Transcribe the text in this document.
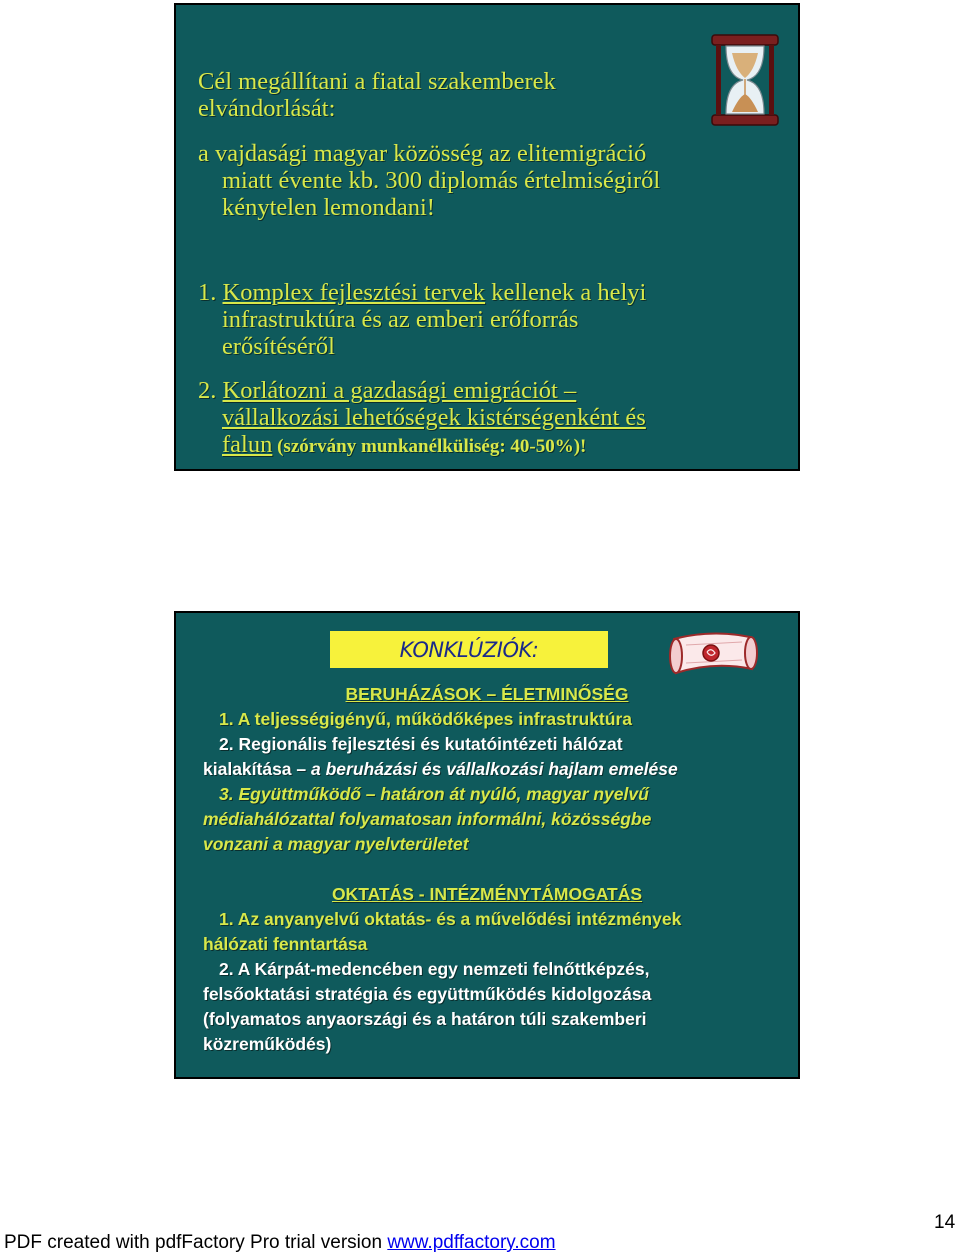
Cél megállítani a fiatal szakemberek

elvándorlását:

a vajdasági magyar közösség az elitemigráció

miatt évente kb. 300 diplomás értelmiségiről

kénytelen lemondani!

1. Komplex fejlesztési tervek kellenek a helyi

infrastruktúra és az emberi erőforrás

erősítéséről

2. Korlátozni a gazdasági emigrációt –

vállalkozási lehetőségek kistérségenként és

falun (szórvány munkanélküliség: 40-50%)!

KONKLÚZIÓK:

BERUHÁZÁSOK – ÉLETMINŐSÉG

1. A teljességigényű, működőképes infrastruktúra

2. Regionális fejlesztési és kutatóintézeti hálózat

kialakítása – a beruházási és vállalkozási hajlam emelése

3. Együttműködő – határon át nyúló, magyar nyelvű

médiahálózattal folyamatosan informálni, közösségbe

vonzani a magyar nyelvterületet

OKTATÁS - INTÉZMÉNYTÁMOGATÁS

1. Az anyanyelvű oktatás- és a művelődési intézmények

hálózati fenntartása

2. A Kárpát-medencében egy nemzeti felnőttképzés,

felsőoktatási stratégia és együttműködés kidolgozása

(folyamatos anyaországi és a határon túli szakemberi

közreműködés)

14
PDF created with pdfFactory Pro trial version www.pdffactory.com
